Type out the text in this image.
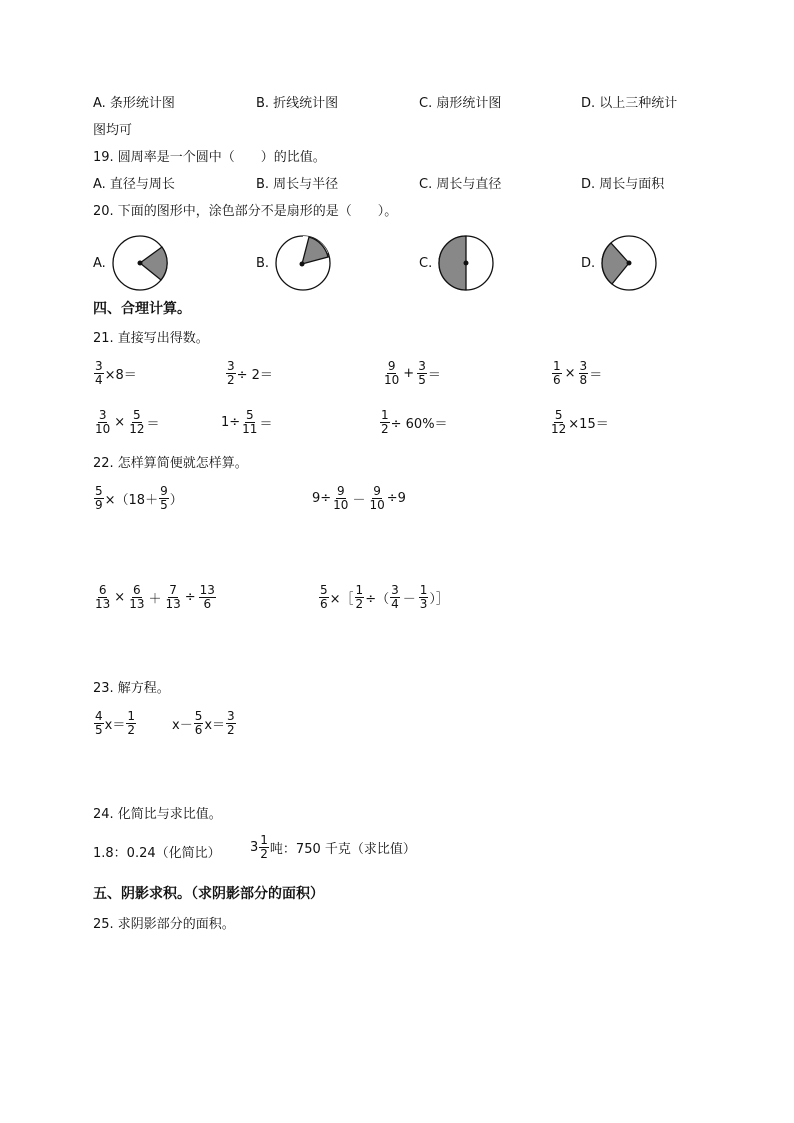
A. 条形统计图	B. 折线统计图	C. 扇形统计图	D. 以上三种统计
图均可
19. 圆周率是一个圆中（　　）的比值。
A. 直径与周长	B. 周长与半径	C. 周长与直径	D. 周长与面积
20. 下面的图形中，涂色部分不是扇形的是（　　）。
A.	B.	C.	D.
四、合理计算。
21. 直接写出得数。
$\frac{3}{4} \times 8=$	$\frac{3}{2} \div 2=$	$\frac{9}{10} + \frac{3}{5}$ ＝	$\frac{1}{6} \times \frac{3}{8}$ ＝
$\frac{3}{10} \times \frac{5}{12}$ ＝	$1\div \frac{5}{11}$ ＝	$\frac{1}{2} \div 60\%=$	$\frac{5}{12} \times 15=$
22. 怎样算简便就怎样算。
$\frac{5}{9} \times(18+ \frac{9}{5}$ ）	$9\div \frac{9}{10} - \frac{9}{10} \div 9$
$\frac{6}{13} \times \frac{6}{13} + \frac{7}{13} \div \frac{13}{6}$	$\frac{5}{6}$ ×［ $\frac{1}{2}$ ÷（ $\frac{3}{4} - \frac{1}{3}$ ）］
23. 解方程。
$\frac{4}{5} x= \frac{1}{2}$	$x- \frac{5}{6} x= \frac{3}{2}$
24. 化简比与求比值。
1.8：0.24（化简比） $3 \frac{1}{2}$ 吨：750 千克（求比值）
五、阴影求积。（求阴影部分的面积）
25. 求阴影部分的面积。
